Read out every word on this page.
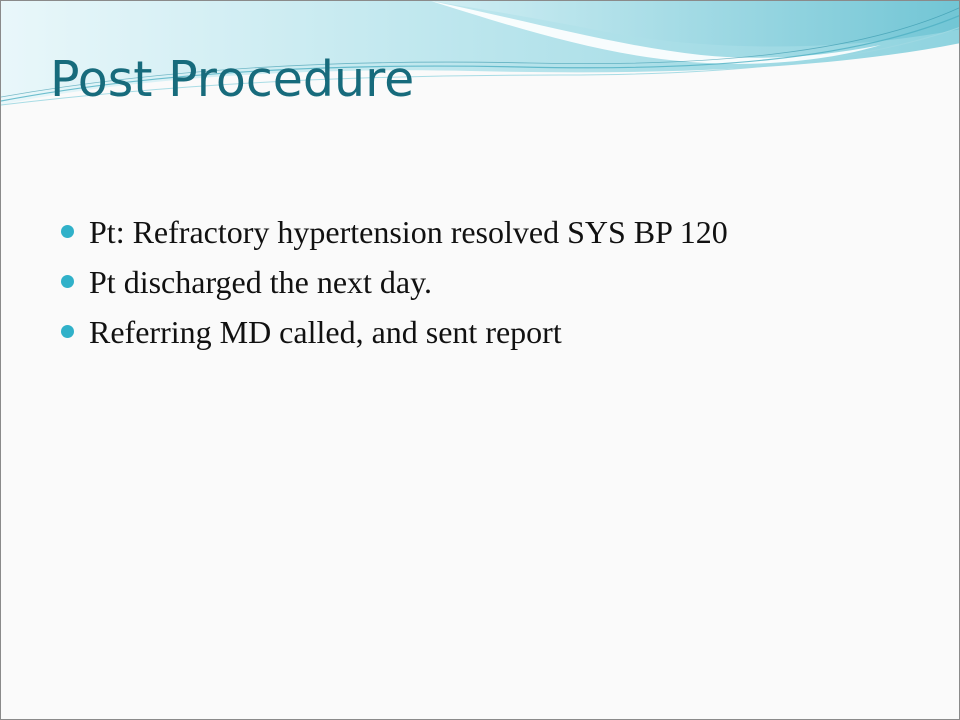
Post Procedure
Pt: Refractory hypertension resolved SYS BP 120
Pt discharged the next day.
Referring MD called, and sent report
